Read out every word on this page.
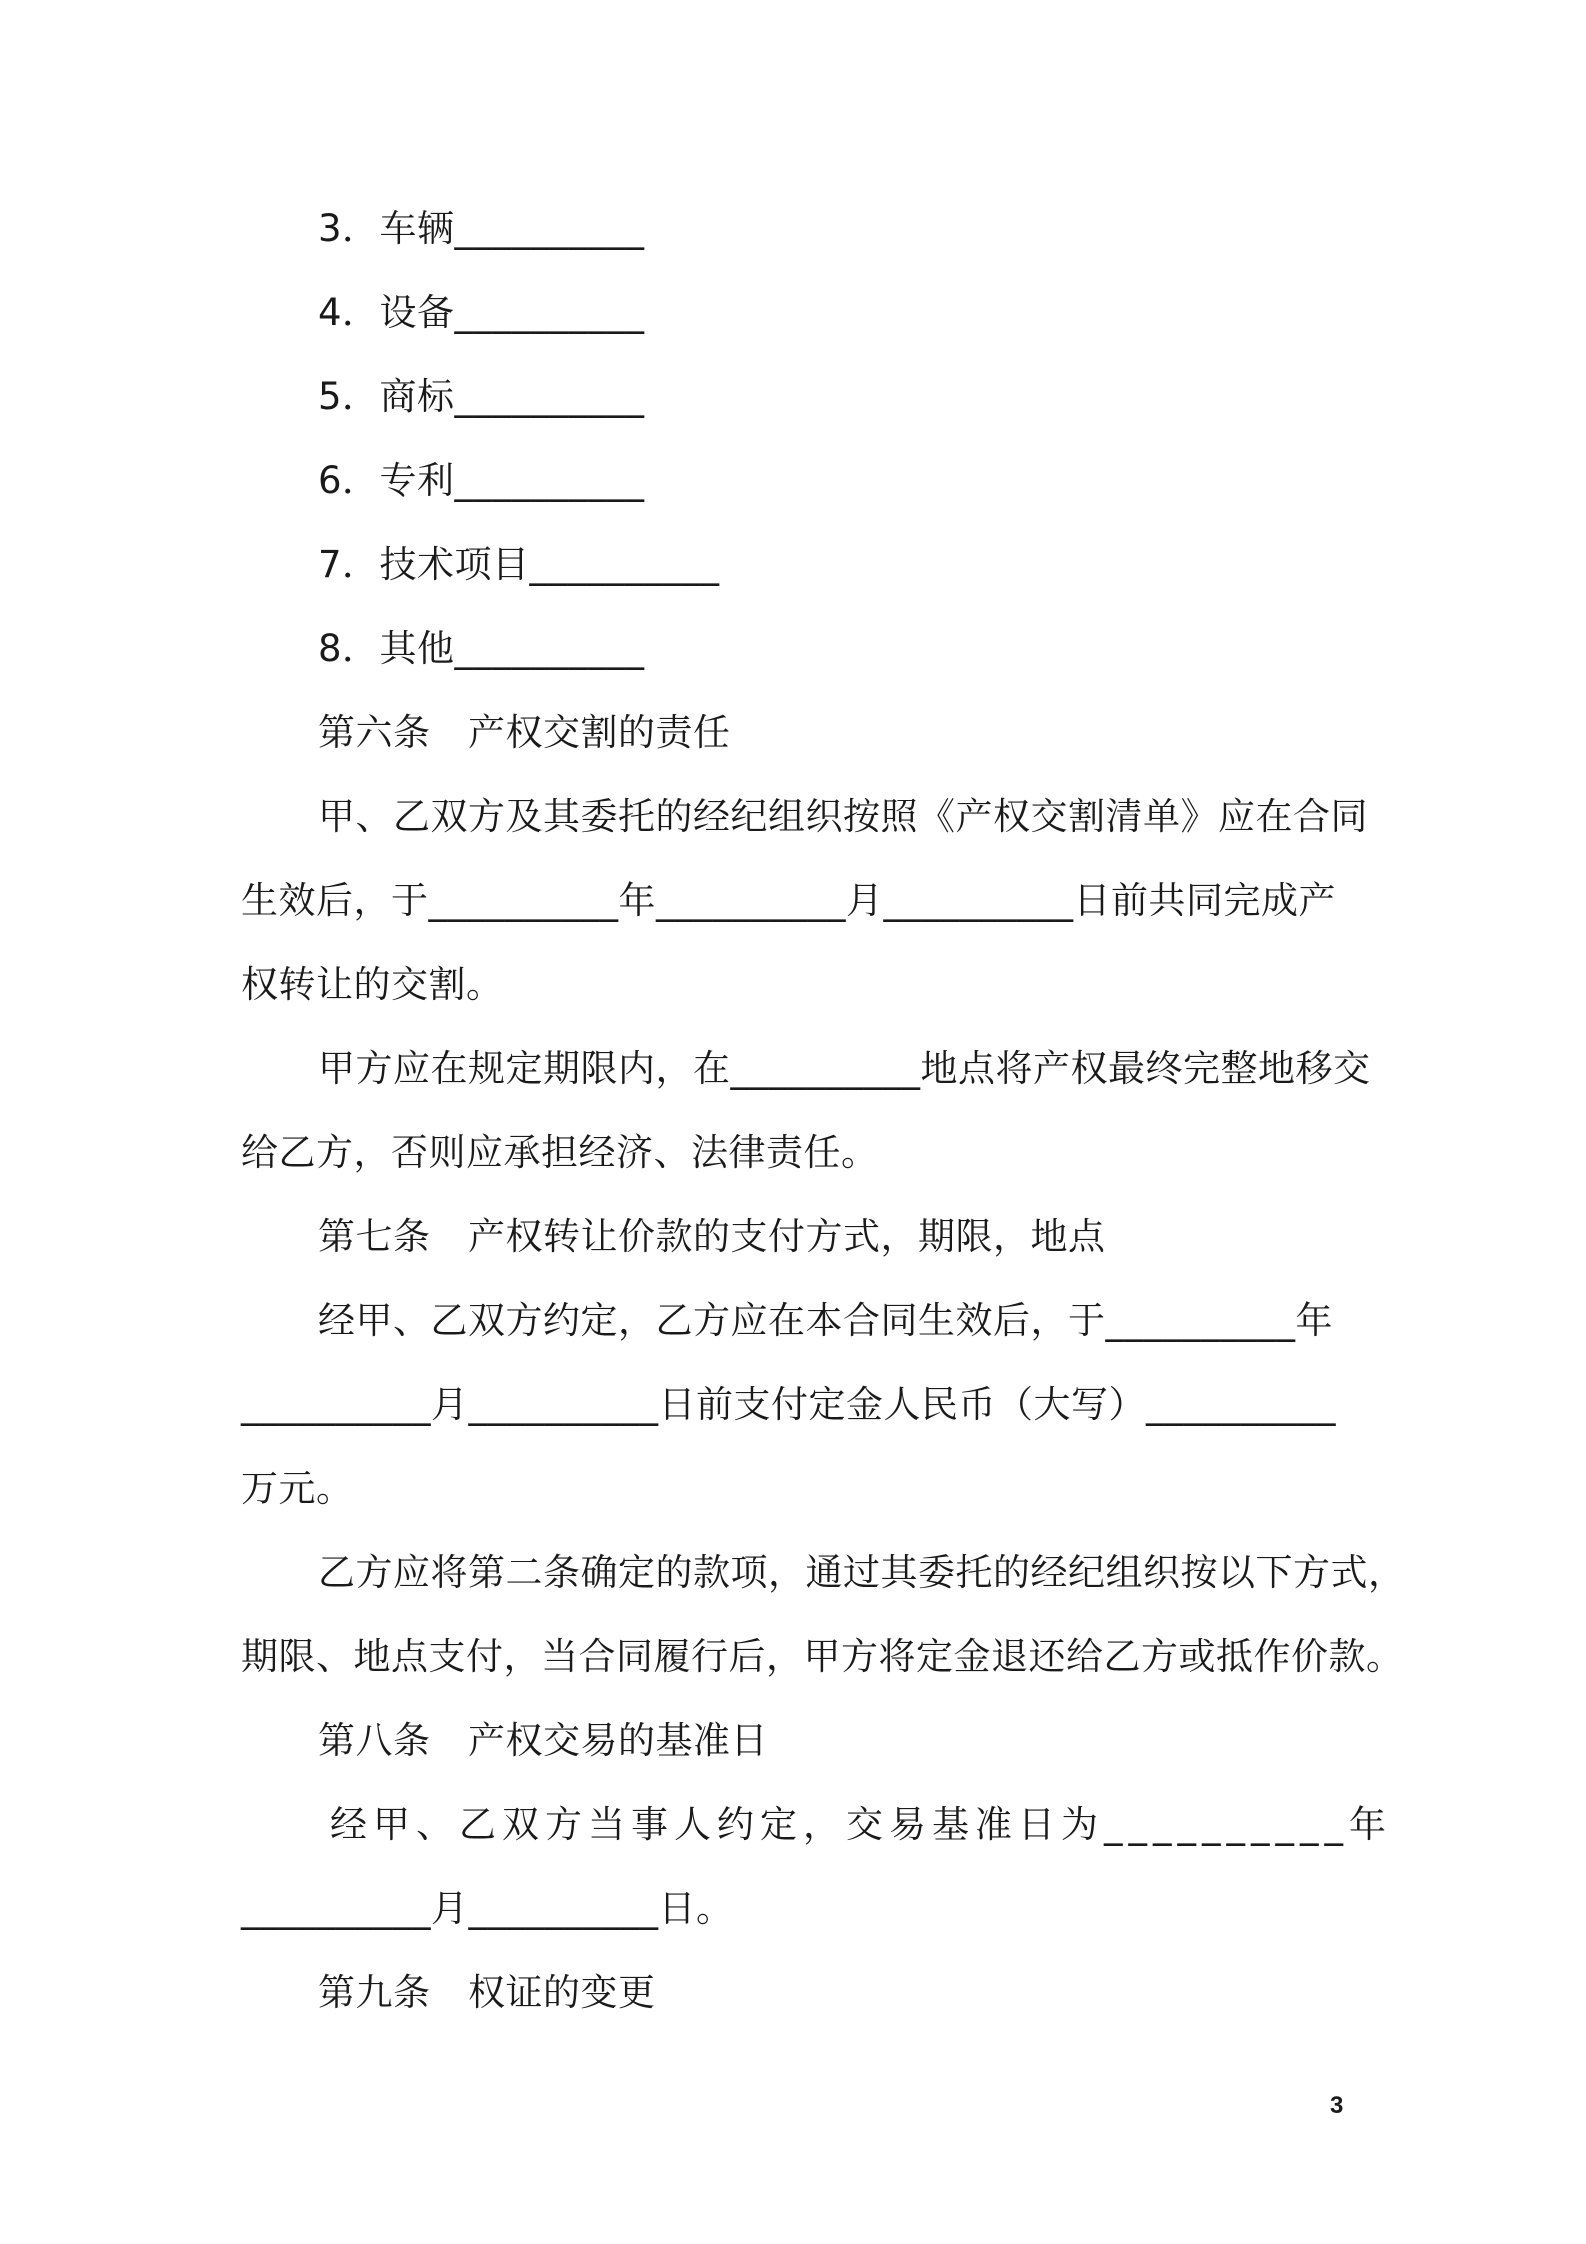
3．车辆__________
4．设备__________
5．商标__________
6．专利__________
7．技术项目__________
8．其他__________
第六条　产权交割的责任
甲、乙双方及其委托的经纪组织按照《产权交割清单》应在合同
生效后，于__________年__________月__________日前共同完成产
权转让的交割。
甲方应在规定期限内，在__________地点将产权最终完整地移交
给乙方，否则应承担经济、法律责任。
第七条　产权转让价款的支付方式，期限，地点
经甲、乙双方约定，乙方应在本合同生效后，于__________年
__________月__________日前支付定金人民币（大写）__________
万元。
乙方应将第二条确定的款项，通过其委托的经纪组织按以下方式，
期限、地点支付，当合同履行后，甲方将定金退还给乙方或抵作价款。
第八条　产权交易的基准日
经甲、乙双方当事人约定，交易基准日为__________年
__________月__________日。
第九条　权证的变更
3
